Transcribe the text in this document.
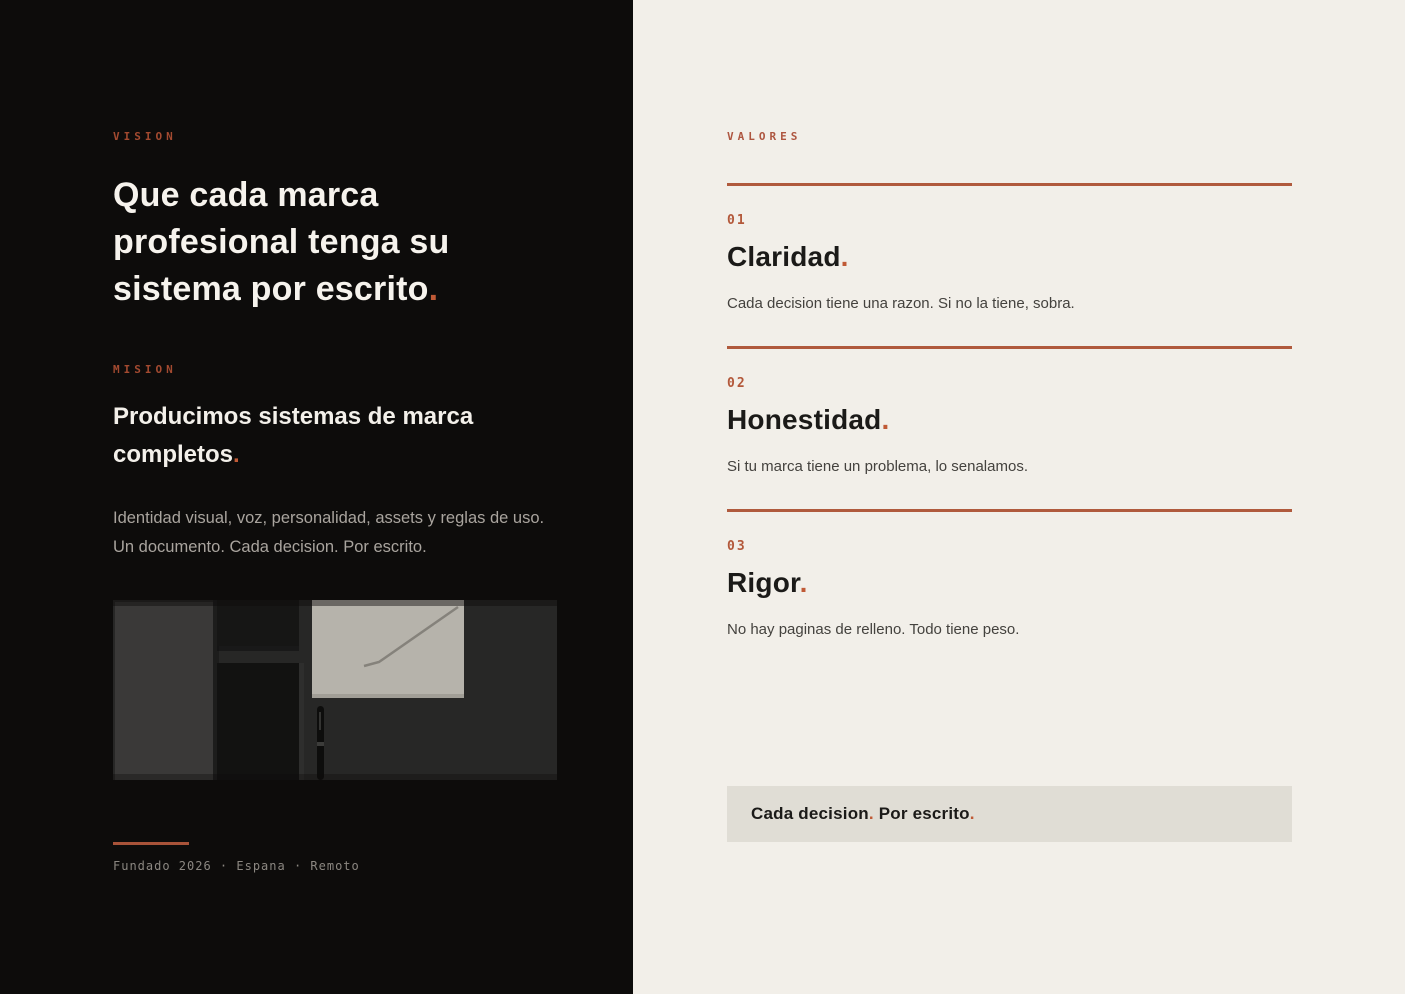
VISION
Que cada marca
profesional tenga su
sistema por escrito.
MISION
Producimos sistemas de marca
completos.

Identidad visual, voz, personalidad, assets y reglas de uso. Un documento. Cada decision. Por escrito.

Fundado 2026 · Espana · Remoto
VALORES
01
Claridad.

Cada decision tiene una razon. Si no la tiene, sobra.

02
Honestidad.

Si tu marca tiene un problema, lo senalamos.

03
Rigor.

No hay paginas de relleno. Todo tiene peso.

Cada decision. Por escrito.
